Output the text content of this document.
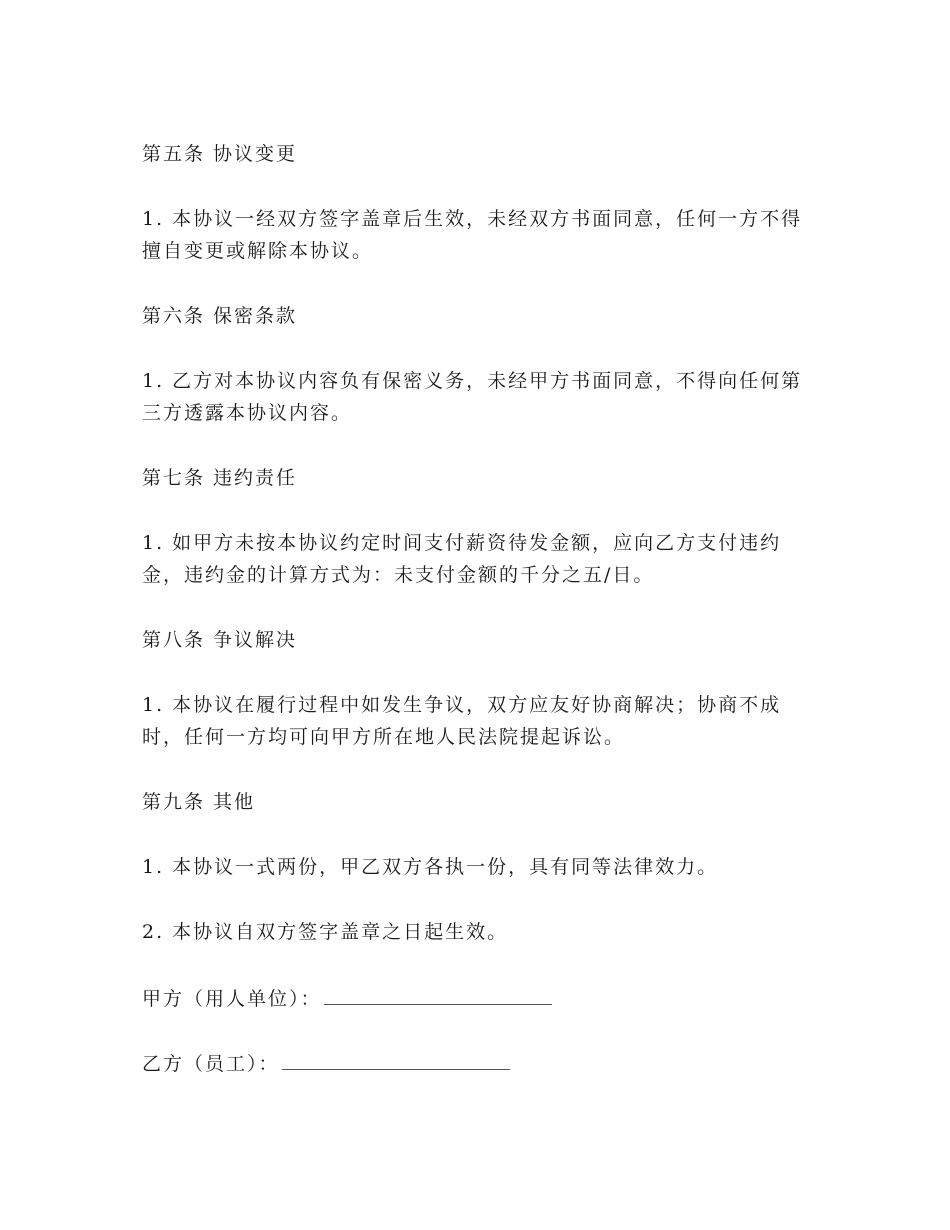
第五条 协议变更
1. 本协议一经双方签字盖章后生效，未经双方书面同意，任何一方不得擅自变更或解除本协议。
第六条 保密条款
1. 乙方对本协议内容负有保密义务，未经甲方书面同意，不得向任何第三方透露本协议内容。
第七条 违约责任
1. 如甲方未按本协议约定时间支付薪资待发金额，应向乙方支付违约金，违约金的计算方式为：未支付金额的千分之五/日。
第八条 争议解决
1. 本协议在履行过程中如发生争议，双方应友好协商解决；协商不成时，任何一方均可向甲方所在地人民法院提起诉讼。
第九条 其他
1. 本协议一式两份，甲乙双方各执一份，具有同等法律效力。
2. 本协议自双方签字盖章之日起生效。
甲方（用人单位）：
乙方（员工）：
